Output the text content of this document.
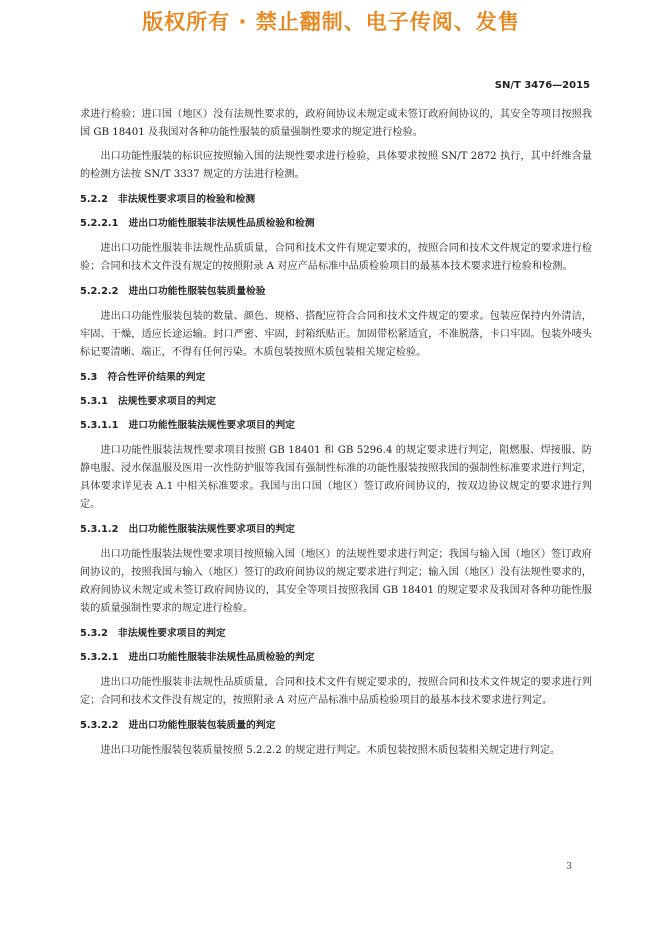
版权所有 · 禁止翻制、电子传阅、发售
SN/T 3476—2015

求进行检验；进口国（地区）没有法规性要求的，政府间协议未规定或未签订政府间协议的，其安全等项目按照我国 GB 18401 及我国对各种功能性服装的质量强制性要求的规定进行检验。

出口功能性服装的标识应按照输入国的法规性要求进行检验，具体要求按照 SN/T 2872 执行，其中纤维含量的检测方法按 SN/T 3337 规定的方法进行检测。

5.2.2 非法规性要求项目的检验和检测
5.2.2.1 进出口功能性服装非法规性品质检验和检测

进出口功能性服装非法规性品质质量，合同和技术文件有规定要求的，按照合同和技术文件规定的要求进行检验；合同和技术文件没有规定的按照附录 A 对应产品标准中品质检验项目的最基本技术要求进行检验和检测。

5.2.2.2 进出口功能性服装包装质量检验

进出口功能性服装包装的数量、颜色、规格、搭配应符合合同和技术文件规定的要求。包装应保持内外清洁，牢固、干燥，适应长途运输。封口严密、牢固，封箱纸贴正。加固带松紧适宜，不准脱落，卡口牢固。包装外唛头标记要清晰、端正，不得有任何污染。木质包装按照木质包装相关规定检验。

5.3 符合性评价结果的判定
5.3.1 法规性要求项目的判定
5.3.1.1 进口功能性服装法规性要求项目的判定

进口功能性服装法规性要求项目按照 GB 18401 和 GB 5296.4 的规定要求进行判定，阻燃服、焊接服、防静电服、浸水保温服及医用一次性防护服等我国有强制性标准的功能性服装按照我国的强制性标准要求进行判定，具体要求详见表 A.1 中相关标准要求。我国与出口国（地区）签订政府间协议的，按双边协议规定的要求进行判定。

5.3.1.2 出口功能性服装法规性要求项目的判定

出口功能性服装法规性要求项目按照输入国（地区）的法规性要求进行判定；我国与输入国（地区）签订政府间协议的，按照我国与输入（地区）签订的政府间协议的规定要求进行判定；输入国（地区）没有法规性要求的，政府间协议未规定或未签订政府间协议的，其安全等项目按照我国 GB 18401 的规定要求及我国对各种功能性服装的质量强制性要求的规定进行检验。

5.3.2 非法规性要求项目的判定
5.3.2.1 进出口功能性服装非法规性品质检验的判定

进出口功能性服装非法规性品质质量，合同和技术文件有规定要求的，按照合同和技术文件规定的要求进行判定；合同和技术文件没有规定的，按照附录 A 对应产品标准中品质检验项目的最基本技术要求进行判定。

5.3.2.2 进出口功能性服装包装质量的判定

进出口功能性服装包装质量按照 5.2.2.2 的规定进行判定。木质包装按照木质包装相关规定进行判定。

3
